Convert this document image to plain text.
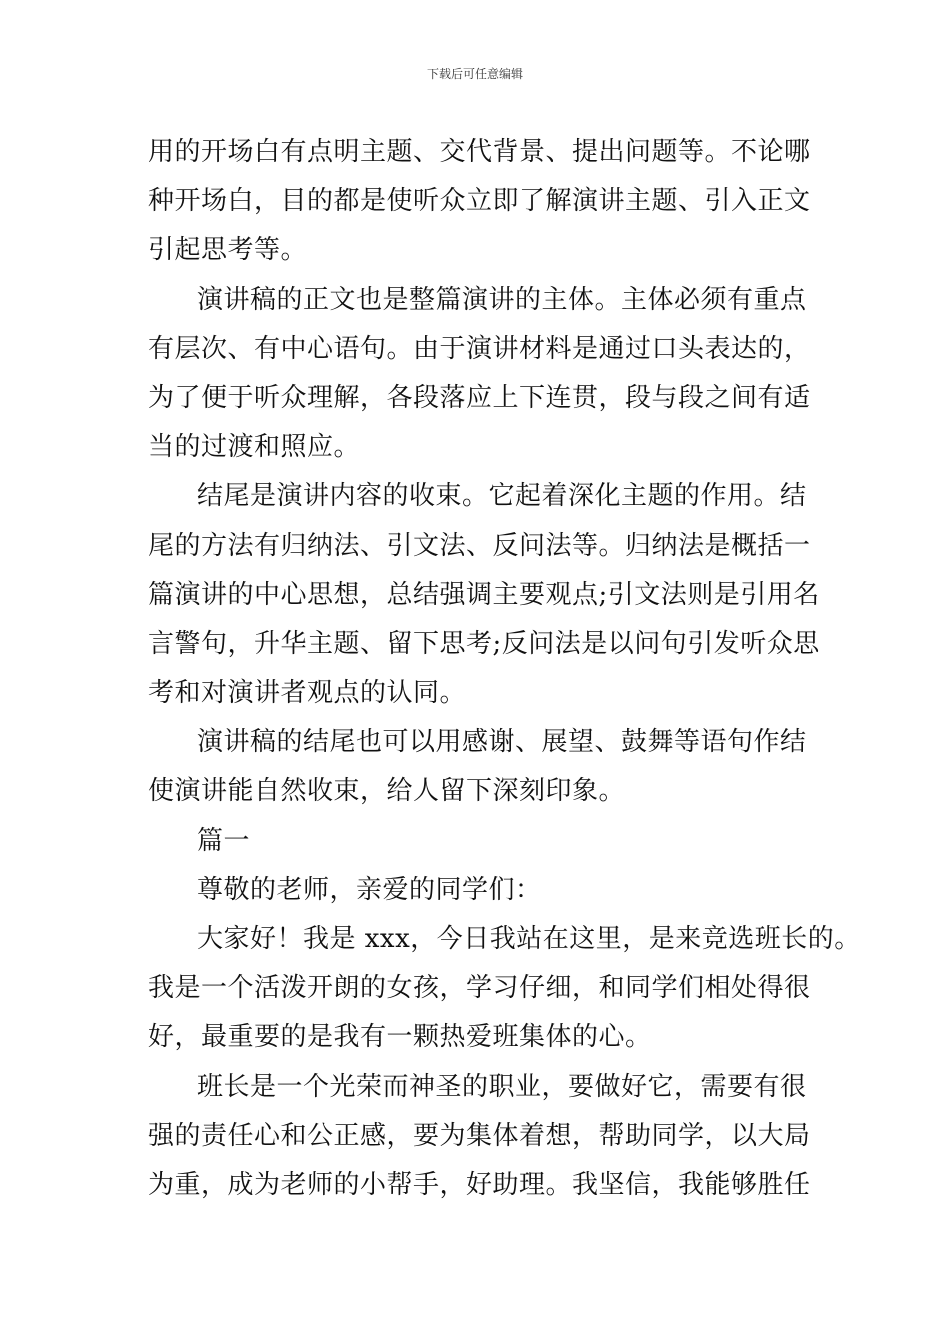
下载后可任意编辑
用的开场白有点明主题、交代背景、提出问题等。不论哪
种开场白，目的都是使听众立即了解演讲主题、引入正文
引起思考等。
演讲稿的正文也是整篇演讲的主体。主体必须有重点
有层次、有中心语句。由于演讲材料是通过口头表达的，
为了便于听众理解，各段落应上下连贯，段与段之间有适
当的过渡和照应。
结尾是演讲内容的收束。它起着深化主题的作用。结
尾的方法有归纳法、引文法、反问法等。归纳法是概括一
篇演讲的中心思想，总结强调主要观点;引文法则是引用名
言警句，升华主题、留下思考;反问法是以问句引发听众思
考和对演讲者观点的认同。
演讲稿的结尾也可以用感谢、展望、鼓舞等语句作结
使演讲能自然收束，给人留下深刻印象。
篇一
尊敬的老师，亲爱的同学们：
大家好！我是 xxx，今日我站在这里，是来竞选班长的。
我是一个活泼开朗的女孩，学习仔细，和同学们相处得很
好，最重要的是我有一颗热爱班集体的心。
班长是一个光荣而神圣的职业，要做好它，需要有很
强的责任心和公正感，要为集体着想，帮助同学，以大局
为重，成为老师的小帮手，好助理。我坚信，我能够胜任
